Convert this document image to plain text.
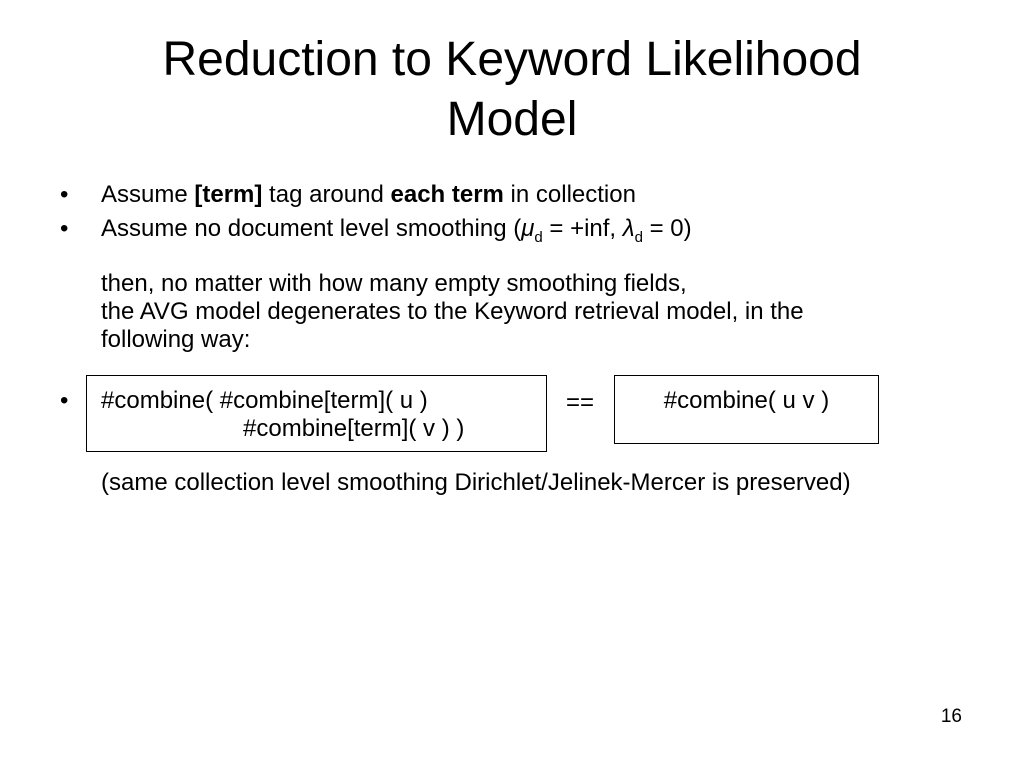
Reduction to Keyword Likelihood
Model
• Assume [term] tag around each term in collection
• Assume no document level smoothing ($\mu_d = +inf$, $\lambda_d = 0$)
then, no matter with how many empty smoothing fields,
the AVG model degenerates to the Keyword retrieval model, in the
following way:
• #combine( #combine[term]( u )
#combine[term]( v ) )
==	#combine( u v )
(same collection level smoothing Dirichlet/Jelinek-Mercer is preserved)
16
